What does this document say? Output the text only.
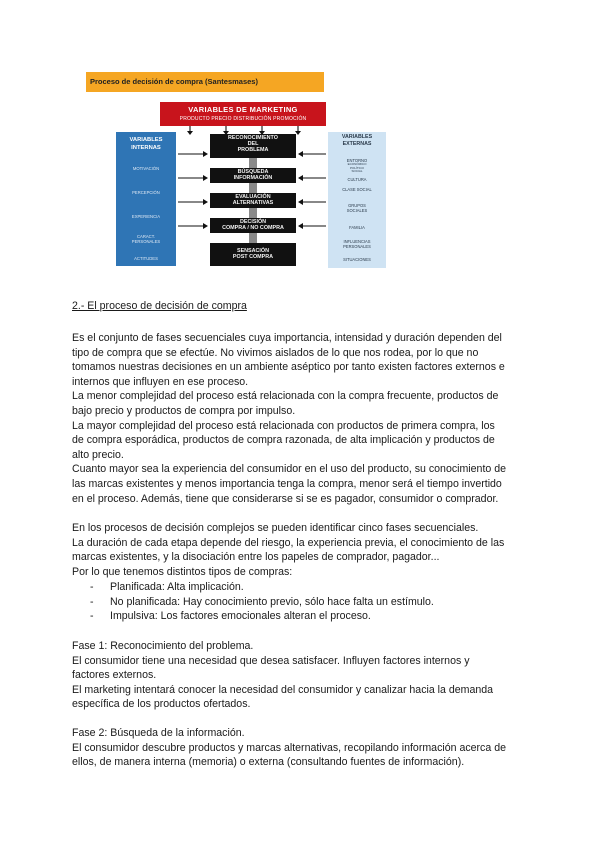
Proceso de decisión de compra (Santesmases)
VARIABLES DE MARKETING
PRODUCTO PRECIO DISTRIBUCIÓN PROMOCIÓN
VARIABLES
INTERNAS
MOTIVACIÓN
PERCEPCIÓN
EXPERIENCIA
CARACT.
PERSONALES
ACTITUDES
VARIABLES
EXTERNAS

ENTORNO

ECONÓMICO
POLÍTICO
SOCIAL

CULTURA
CLASE SOCIAL
GRUPOS
SOCIALES
FAMILIA
INFLUENCIAS
PERSONALES
SITUACIONES
RECONOCIMIENTO
DEL
PROBLEMA
BÚSQUEDA
INFORMACIÓN
EVALUACIÓN
ALTERNATIVAS
DECISIÓN
COMPRA / NO COMPRA
SENSACIÓN
POST COMPRA
2.- El proceso de decisión de compra

Es el conjunto de fases secuenciales cuya importancia, intensidad y duración dependen del

tipo de compra que se efectúe. No vivimos aislados de lo que nos rodea, por lo que no

tomamos nuestras decisiones en un ambiente aséptico por tanto existen factores externos e

internos que influyen en ese proceso.

La menor complejidad del proceso está relacionada con la compra frecuente, productos de

bajo precio y productos de compra por impulso.

La mayor complejidad del proceso está relacionada con productos de primera compra, los

de compra esporádica, productos de compra razonada, de alta implicación y productos de

alto precio.

Cuanto mayor sea la experiencia del consumidor en el uso del producto, su conocimiento de

las marcas existentes y menos importancia tenga la compra, menor será el tiempo invertido

en el proceso. Además, tiene que considerarse si se es pagador, consumidor o comprador.

En los procesos de decisión complejos se pueden identificar cinco fases secuenciales.

La duración de cada etapa depende del riesgo, la experiencia previa, el conocimiento de las

marcas existentes, y la disociación entre los papeles de comprador, pagador...

Por lo que tenemos distintos tipos de compras:

- Planificada: Alta implicación.
- No planificada: Hay conocimiento previo, sólo hace falta un estímulo.
- Impulsiva: Los factores emocionales alteran el proceso.

Fase 1: Reconocimiento del problema.

El consumidor tiene una necesidad que desea satisfacer. Influyen factores internos y

factores externos.

El marketing intentará conocer la necesidad del consumidor y canalizar hacia la demanda

específica de los productos ofertados.

Fase 2: Búsqueda de la información.

El consumidor descubre productos y marcas alternativas, recopilando información acerca de

ellos, de manera interna (memoria) o externa (consultando fuentes de información).
